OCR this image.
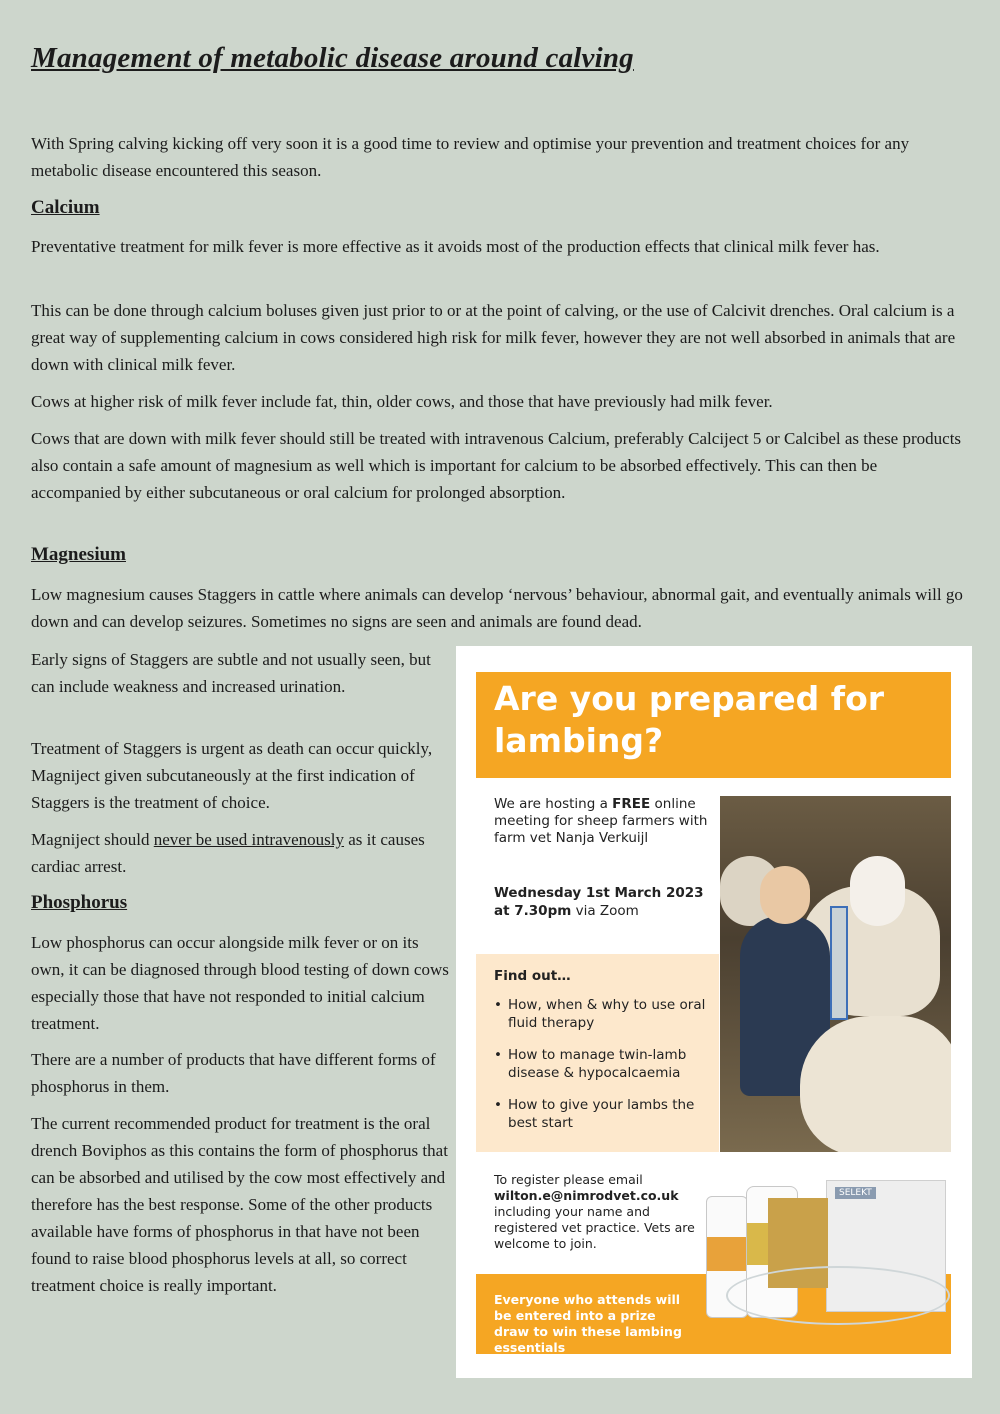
Management of metabolic disease around calving
With Spring calving kicking off very soon it is a good time to review and optimise your prevention and treatment choices for any metabolic disease encountered this season.
Calcium
Preventative treatment for milk fever is more effective as it avoids most of the production effects that clinical milk fever has.
This can be done through calcium boluses given just prior to or at the point of calving, or the use of Calcivit drenches. Oral calcium is a great way of supplementing calcium in cows considered high risk for milk fever, however they are not well absorbed in animals that are down with clinical milk fever.
Cows at higher risk of milk fever include fat, thin, older cows, and those that have previously had milk fever.
Cows that are down with milk fever should still be treated with intravenous Calcium, preferably Calciject 5 or Calcibel as these products also contain a safe amount of magnesium as well which is important for calcium to be absorbed effectively. This can then be accompanied by either subcutaneous or oral calcium for prolonged absorption.
Magnesium
Low magnesium causes Staggers in cattle where animals can develop ‘nervous’ behaviour, abnormal gait, and eventually animals will go down and can develop seizures. Sometimes no signs are seen and animals are found dead.
Early signs of Staggers are subtle and not usually seen, but can include weakness and increased urination.
Treatment of Staggers is urgent as death can occur quickly, Magniject given subcutaneously at the first indication of Staggers is the treatment of choice.
Magniject should never be used intravenously as it causes cardiac arrest.
Phosphorus
Low phosphorus can occur alongside milk fever or on its own, it can be diagnosed through blood testing of down cows especially those that have not responded to initial calcium treatment.
There are a number of products that have different forms of phosphorus in them.
The current recommended product for treatment is the oral drench Boviphos as this contains the form of phosphorus that can be absorbed and utilised by the cow most effectively and therefore has the best response. Some of the other products available have forms of phosphorus in that have not been found to raise blood phosphorus levels at all, so correct treatment choice is really important.
Are you prepared for lambing?
We are hosting a FREE online meeting for sheep farmers with farm vet Nanja Verkuijl
Wednesday 1st March 2023 at 7.30pm via Zoom
Find out…
• How, when & why to use oral fluid therapy
• How to manage twin-lamb disease & hypocalcaemia
• How to give your lambs the best start
To register please email
wilton.e@nimrodvet.co.uk
including your name and registered vet practice. Vets are welcome to join.
Everyone who attends will be entered into a prize draw to win these lambing essentials
SELEKT
